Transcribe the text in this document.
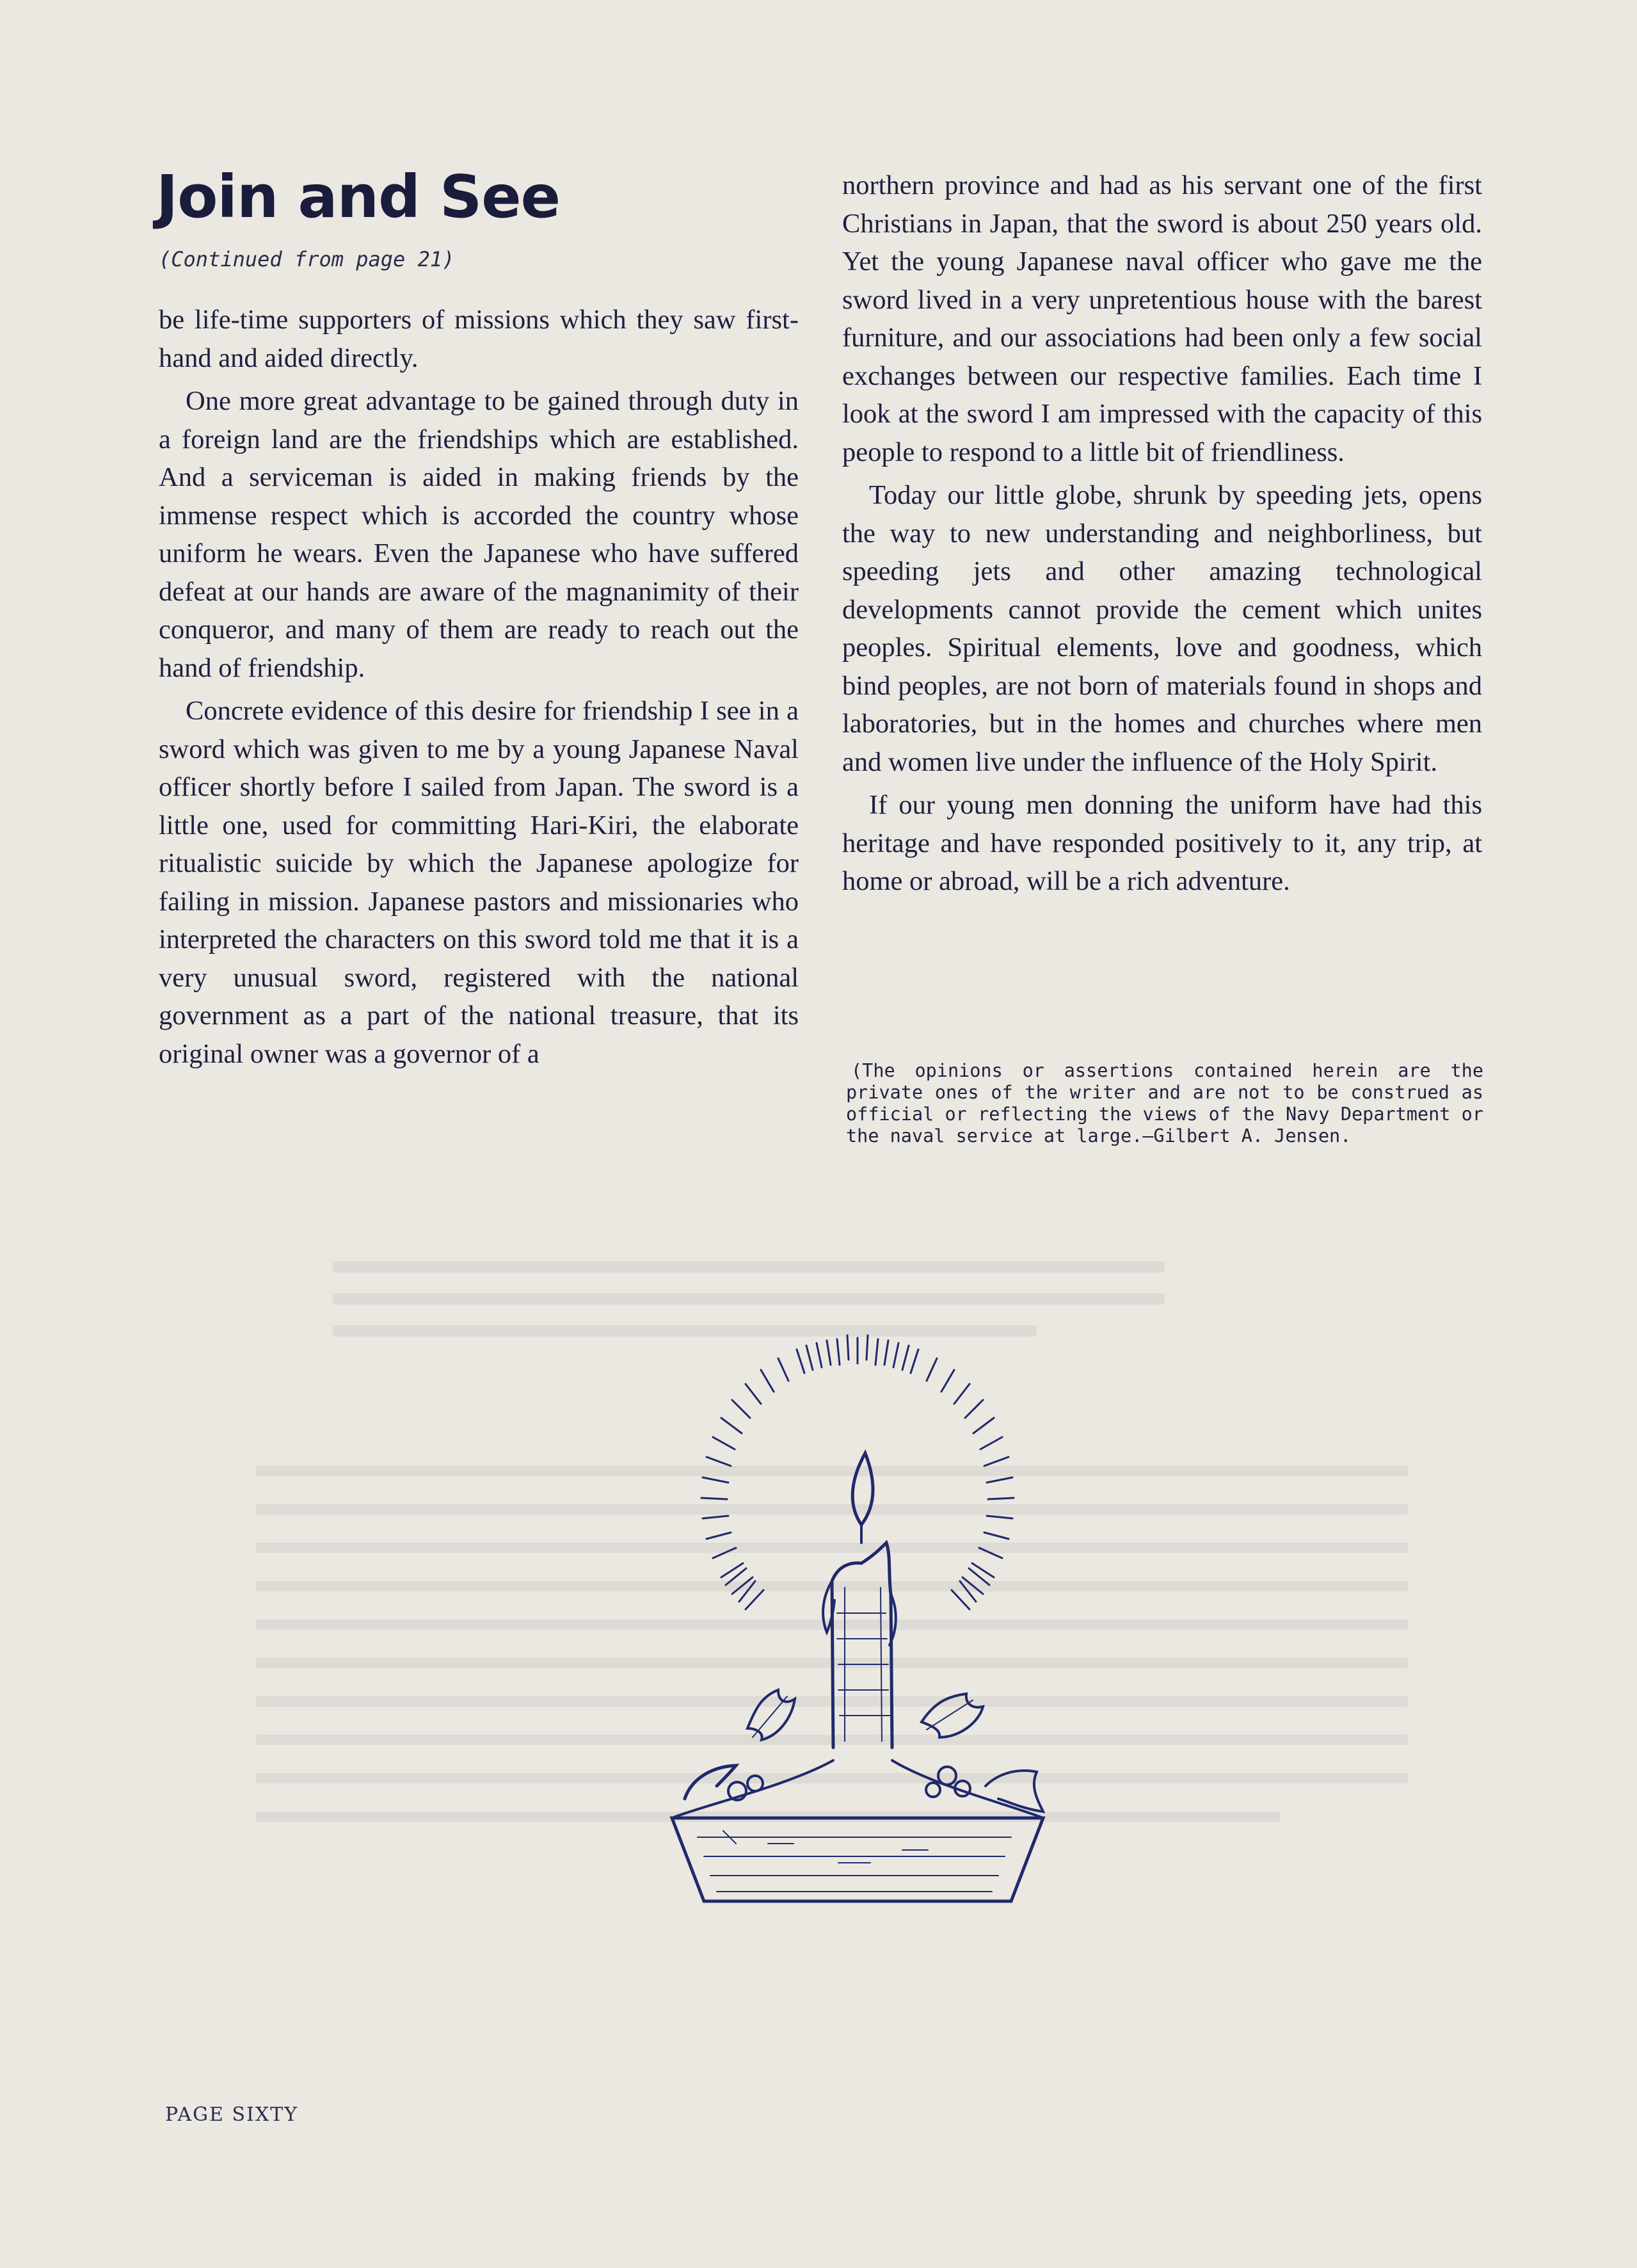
Join and See
(Continued from page 21)

be life-time supporters of missions which they saw first-hand and aided directly.

One more great advantage to be gained through duty in a foreign land are the friendships which are established. And a serviceman is aided in making friends by the immense respect which is accorded the country whose uniform he wears. Even the Japanese who have suffered defeat at our hands are aware of the magnanimity of their conqueror, and many of them are ready to reach out the hand of friendship.

Concrete evidence of this desire for friendship I see in a sword which was given to me by a young Japanese Naval officer shortly before I sailed from Japan. The sword is a little one, used for committing Hari-Kiri, the elaborate ritualistic suicide by which the Japanese apologize for failing in mission. Japanese pastors and missionaries who interpreted the characters on this sword told me that it is a very unusual sword, registered with the national government as a part of the national treasure, that its original owner was a governor of a

northern province and had as his servant one of the first Christians in Japan, that the sword is about 250 years old. Yet the young Japanese naval officer who gave me the sword lived in a very unpretentious house with the barest furniture, and our associations had been only a few social exchanges between our respective families. Each time I look at the sword I am impressed with the capacity of this people to respond to a little bit of friendliness.

Today our little globe, shrunk by speeding jets, opens the way to new understanding and neighborliness, but speeding jets and other amazing technological developments cannot provide the cement which unites peoples. Spiritual elements, love and goodness, which bind peoples, are not born of materials found in shops and laboratories, but in the homes and churches where men and women live under the influence of the Holy Spirit.

If our young men donning the uniform have had this heritage and have responded positively to it, any trip, at home or abroad, will be a rich adventure.

(The opinions or assertions contained herein are the private ones of the writer and are not to be construed as official or reflecting the views of the Navy Department or the naval service at large.—Gilbert A. Jensen.

PAGE SIXTY
